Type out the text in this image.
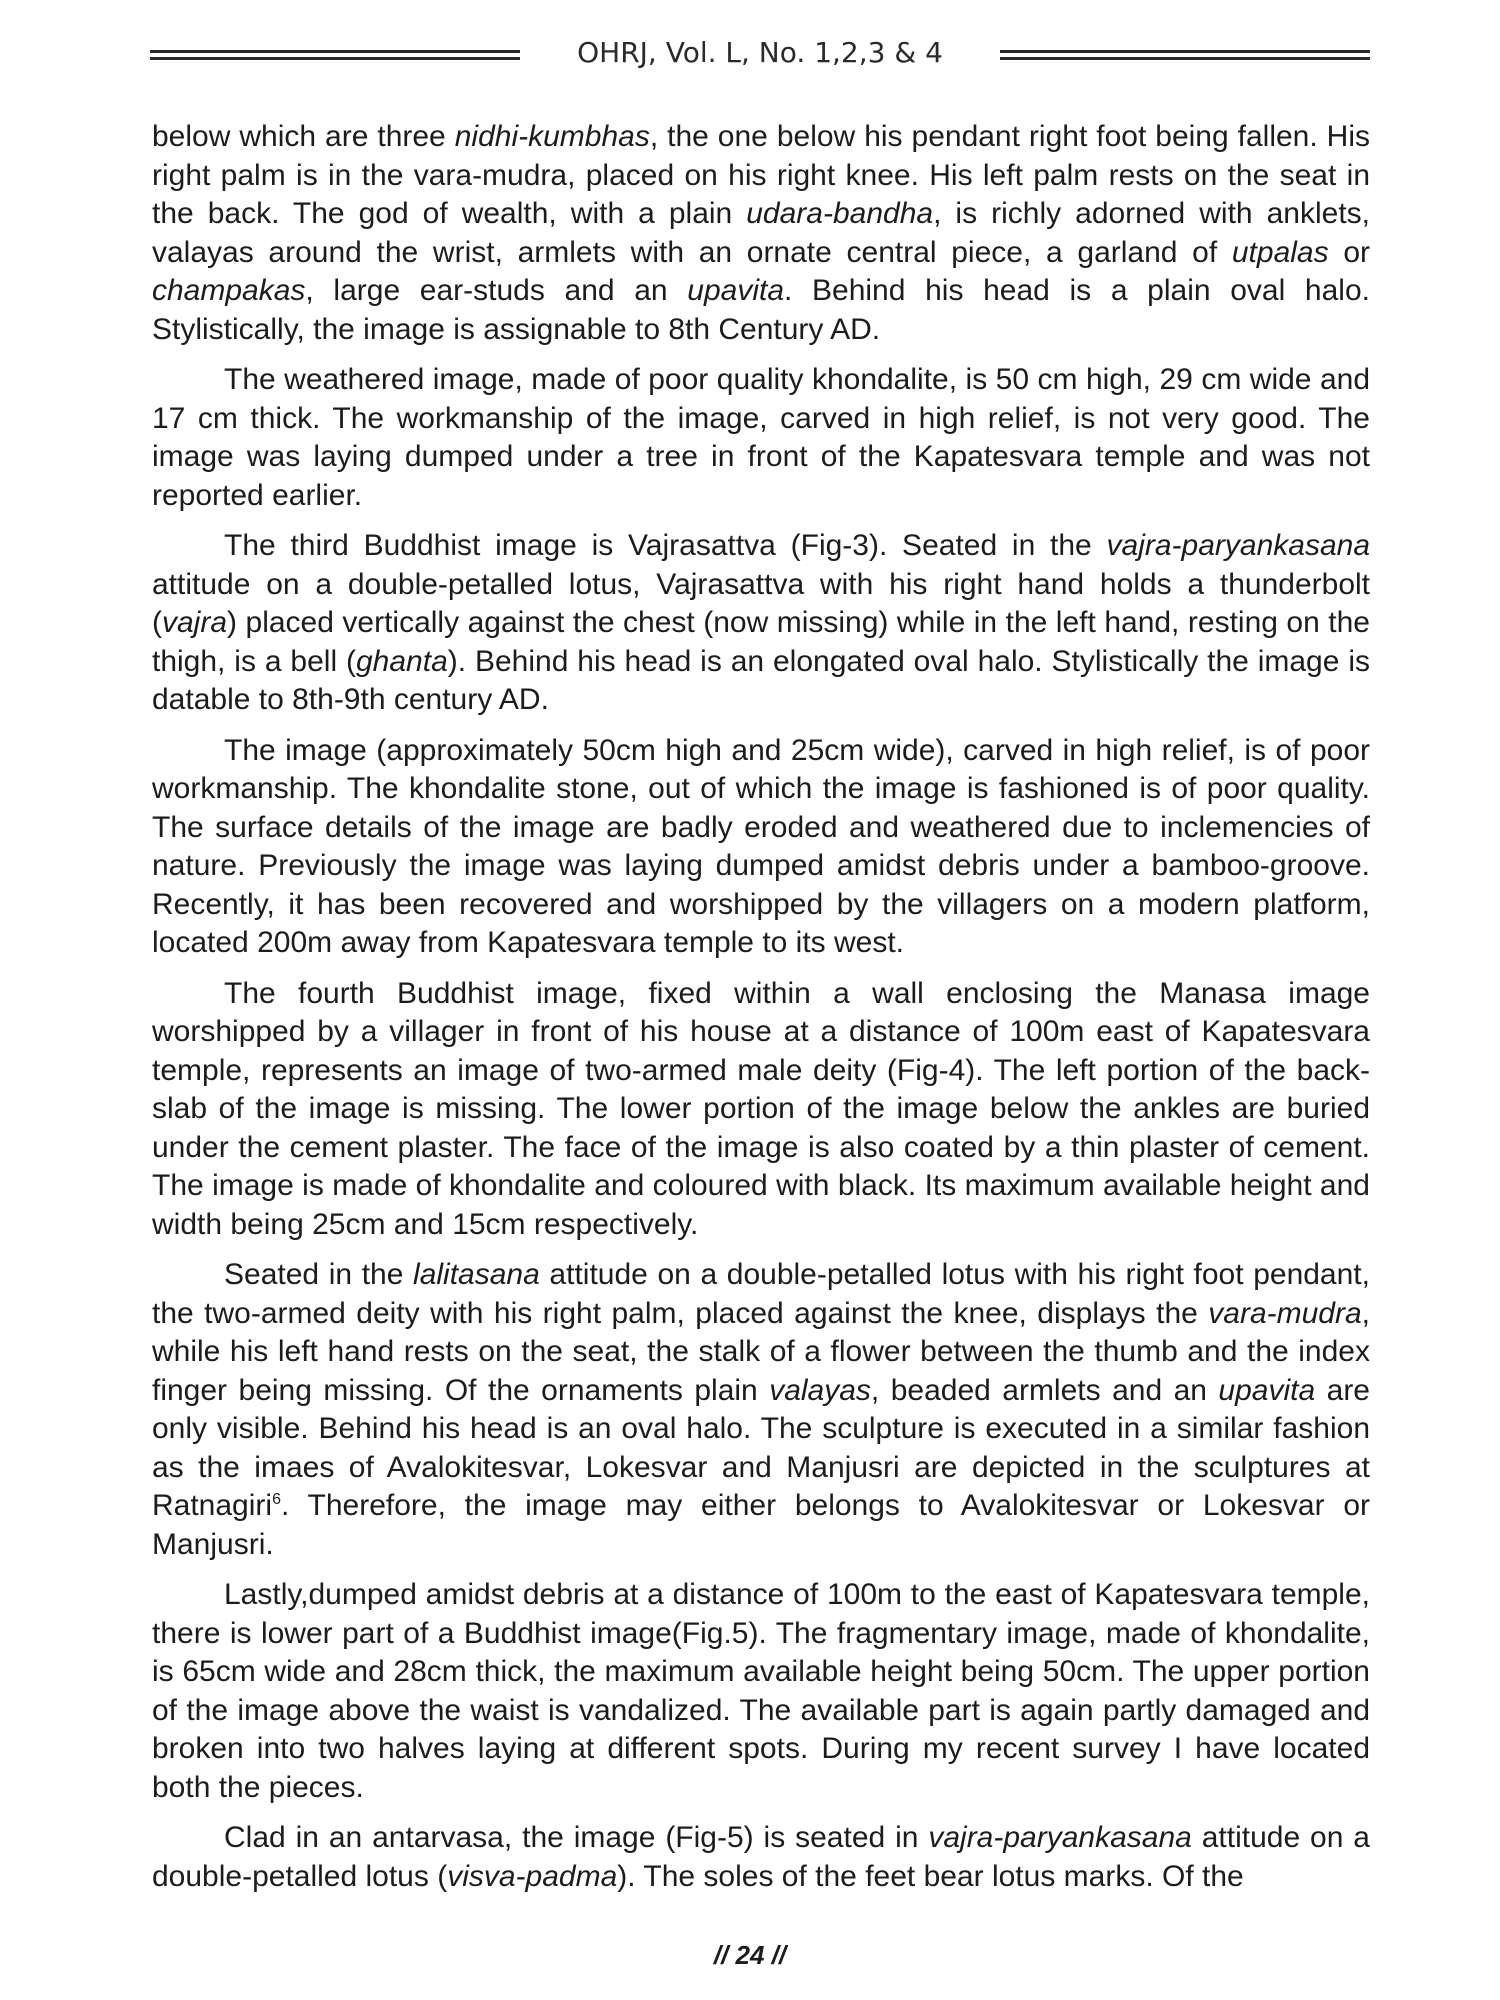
OHRJ, Vol. L, No. 1,2,3 & 4

below which are three nidhi-kumbhas, the one below his pendant right foot being fallen. His right palm is in the vara-mudra, placed on his right knee. His left palm rests on the seat in the back. The god of wealth, with a plain udara-bandha, is richly adorned with anklets, valayas around the wrist, armlets with an ornate central piece, a garland of utpalas or champakas, large ear-studs and an upavita. Behind his head is a plain oval halo. Stylistically, the image is assignable to 8th Century AD.

The weathered image, made of poor quality khondalite, is 50 cm high, 29 cm wide and 17 cm thick. The workmanship of the image, carved in high relief, is not very good. The image was laying dumped under a tree in front of the Kapatesvara temple and was not reported earlier.

The third Buddhist image is Vajrasattva (Fig-3). Seated in the vajra-paryankasana attitude on a double-petalled lotus, Vajrasattva with his right hand holds a thunderbolt (vajra) placed vertically against the chest (now missing) while in the left hand, resting on the thigh, is a bell (ghanta). Behind his head is an elongated oval halo. Stylistically the image is datable to 8th-9th century AD.

The image (approximately 50cm high and 25cm wide), carved in high relief, is of poor workmanship. The khondalite stone, out of which the image is fashioned is of poor quality. The surface details of the image are badly eroded and weathered due to inclemencies of nature. Previously the image was laying dumped amidst debris under a bamboo-groove. Recently, it has been recovered and worshipped by the villagers on a modern platform, located 200m away from Kapatesvara temple to its west.

The fourth Buddhist image, fixed within a wall enclosing the Manasa image worshipped by a villager in front of his house at a distance of 100m east of Kapatesvara temple, represents an image of two-armed male deity (Fig-4). The left portion of the back-slab of the image is missing. The lower portion of the image below the ankles are buried under the cement plaster. The face of the image is also coated by a thin plaster of cement. The image is made of khondalite and coloured with black. Its maximum available height and width being 25cm and 15cm respectively.

Seated in the lalitasana attitude on a double-petalled lotus with his right foot pendant, the two-armed deity with his right palm, placed against the knee, displays the vara-mudra, while his left hand rests on the seat, the stalk of a flower between the thumb and the index finger being missing. Of the ornaments plain valayas, beaded armlets and an upavita are only visible. Behind his head is an oval halo. The sculpture is executed in a similar fashion as the imaes of Avalokitesvar, Lokesvar and Manjusri are depicted in the sculptures at Ratnagiri$^6$. Therefore, the image may either belongs to Avalokitesvar or Lokesvar or Manjusri.

Lastly,dumped amidst debris at a distance of 100m to the east of Kapatesvara temple, there is lower part of a Buddhist image(Fig.5). The fragmentary image, made of khondalite, is 65cm wide and 28cm thick, the maximum available height being 50cm. The upper portion of the image above the waist is vandalized. The available part is again partly damaged and broken into two halves laying at different spots. During my recent survey I have located both the pieces.

Clad in an antarvasa, the image (Fig-5) is seated in vajra-paryankasana attitude on a double-petalled lotus (visva-padma). The soles of the feet bear lotus marks. Of the

// 24 //
